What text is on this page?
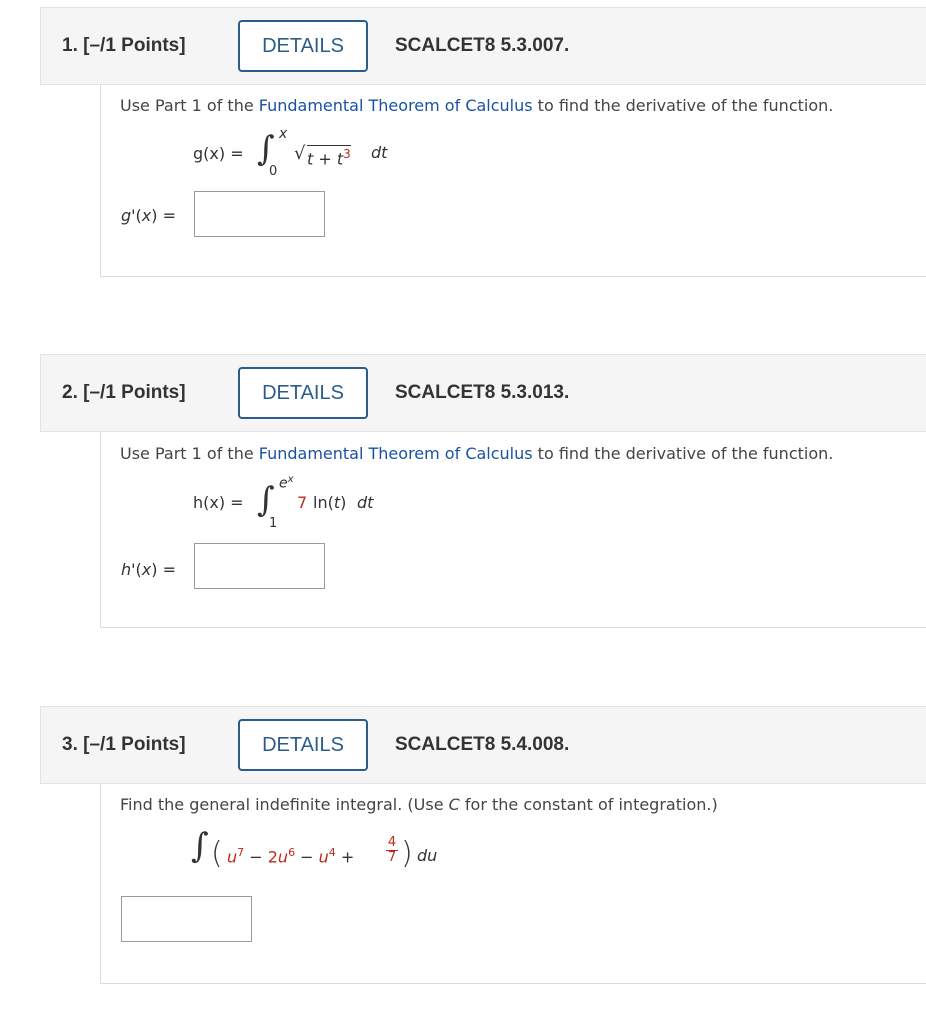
1. [–/1 Points]	DETAILS	SCALCET8 5.3.007.
Use Part 1 of the Fundamental Theorem of Calculus to find the derivative of the function.
g(x) = ∫ x
0
√ $t + t^3$ dt
g'(x) =
2. [–/1 Points]	DETAILS	SCALCET8 5.3.013.
Use Part 1 of the Fundamental Theorem of Calculus to find the derivative of the function.
h(x) = ∫ $e^x$
1
7 ln(t) dt
h'(x) =
3. [–/1 Points]	DETAILS	SCALCET8 5.4.008.
Find the general indefinite integral. (Use C for the constant of integration.)
∫ ( $u^7 - 2u^6 - u^4$ +
4
7 ) du
